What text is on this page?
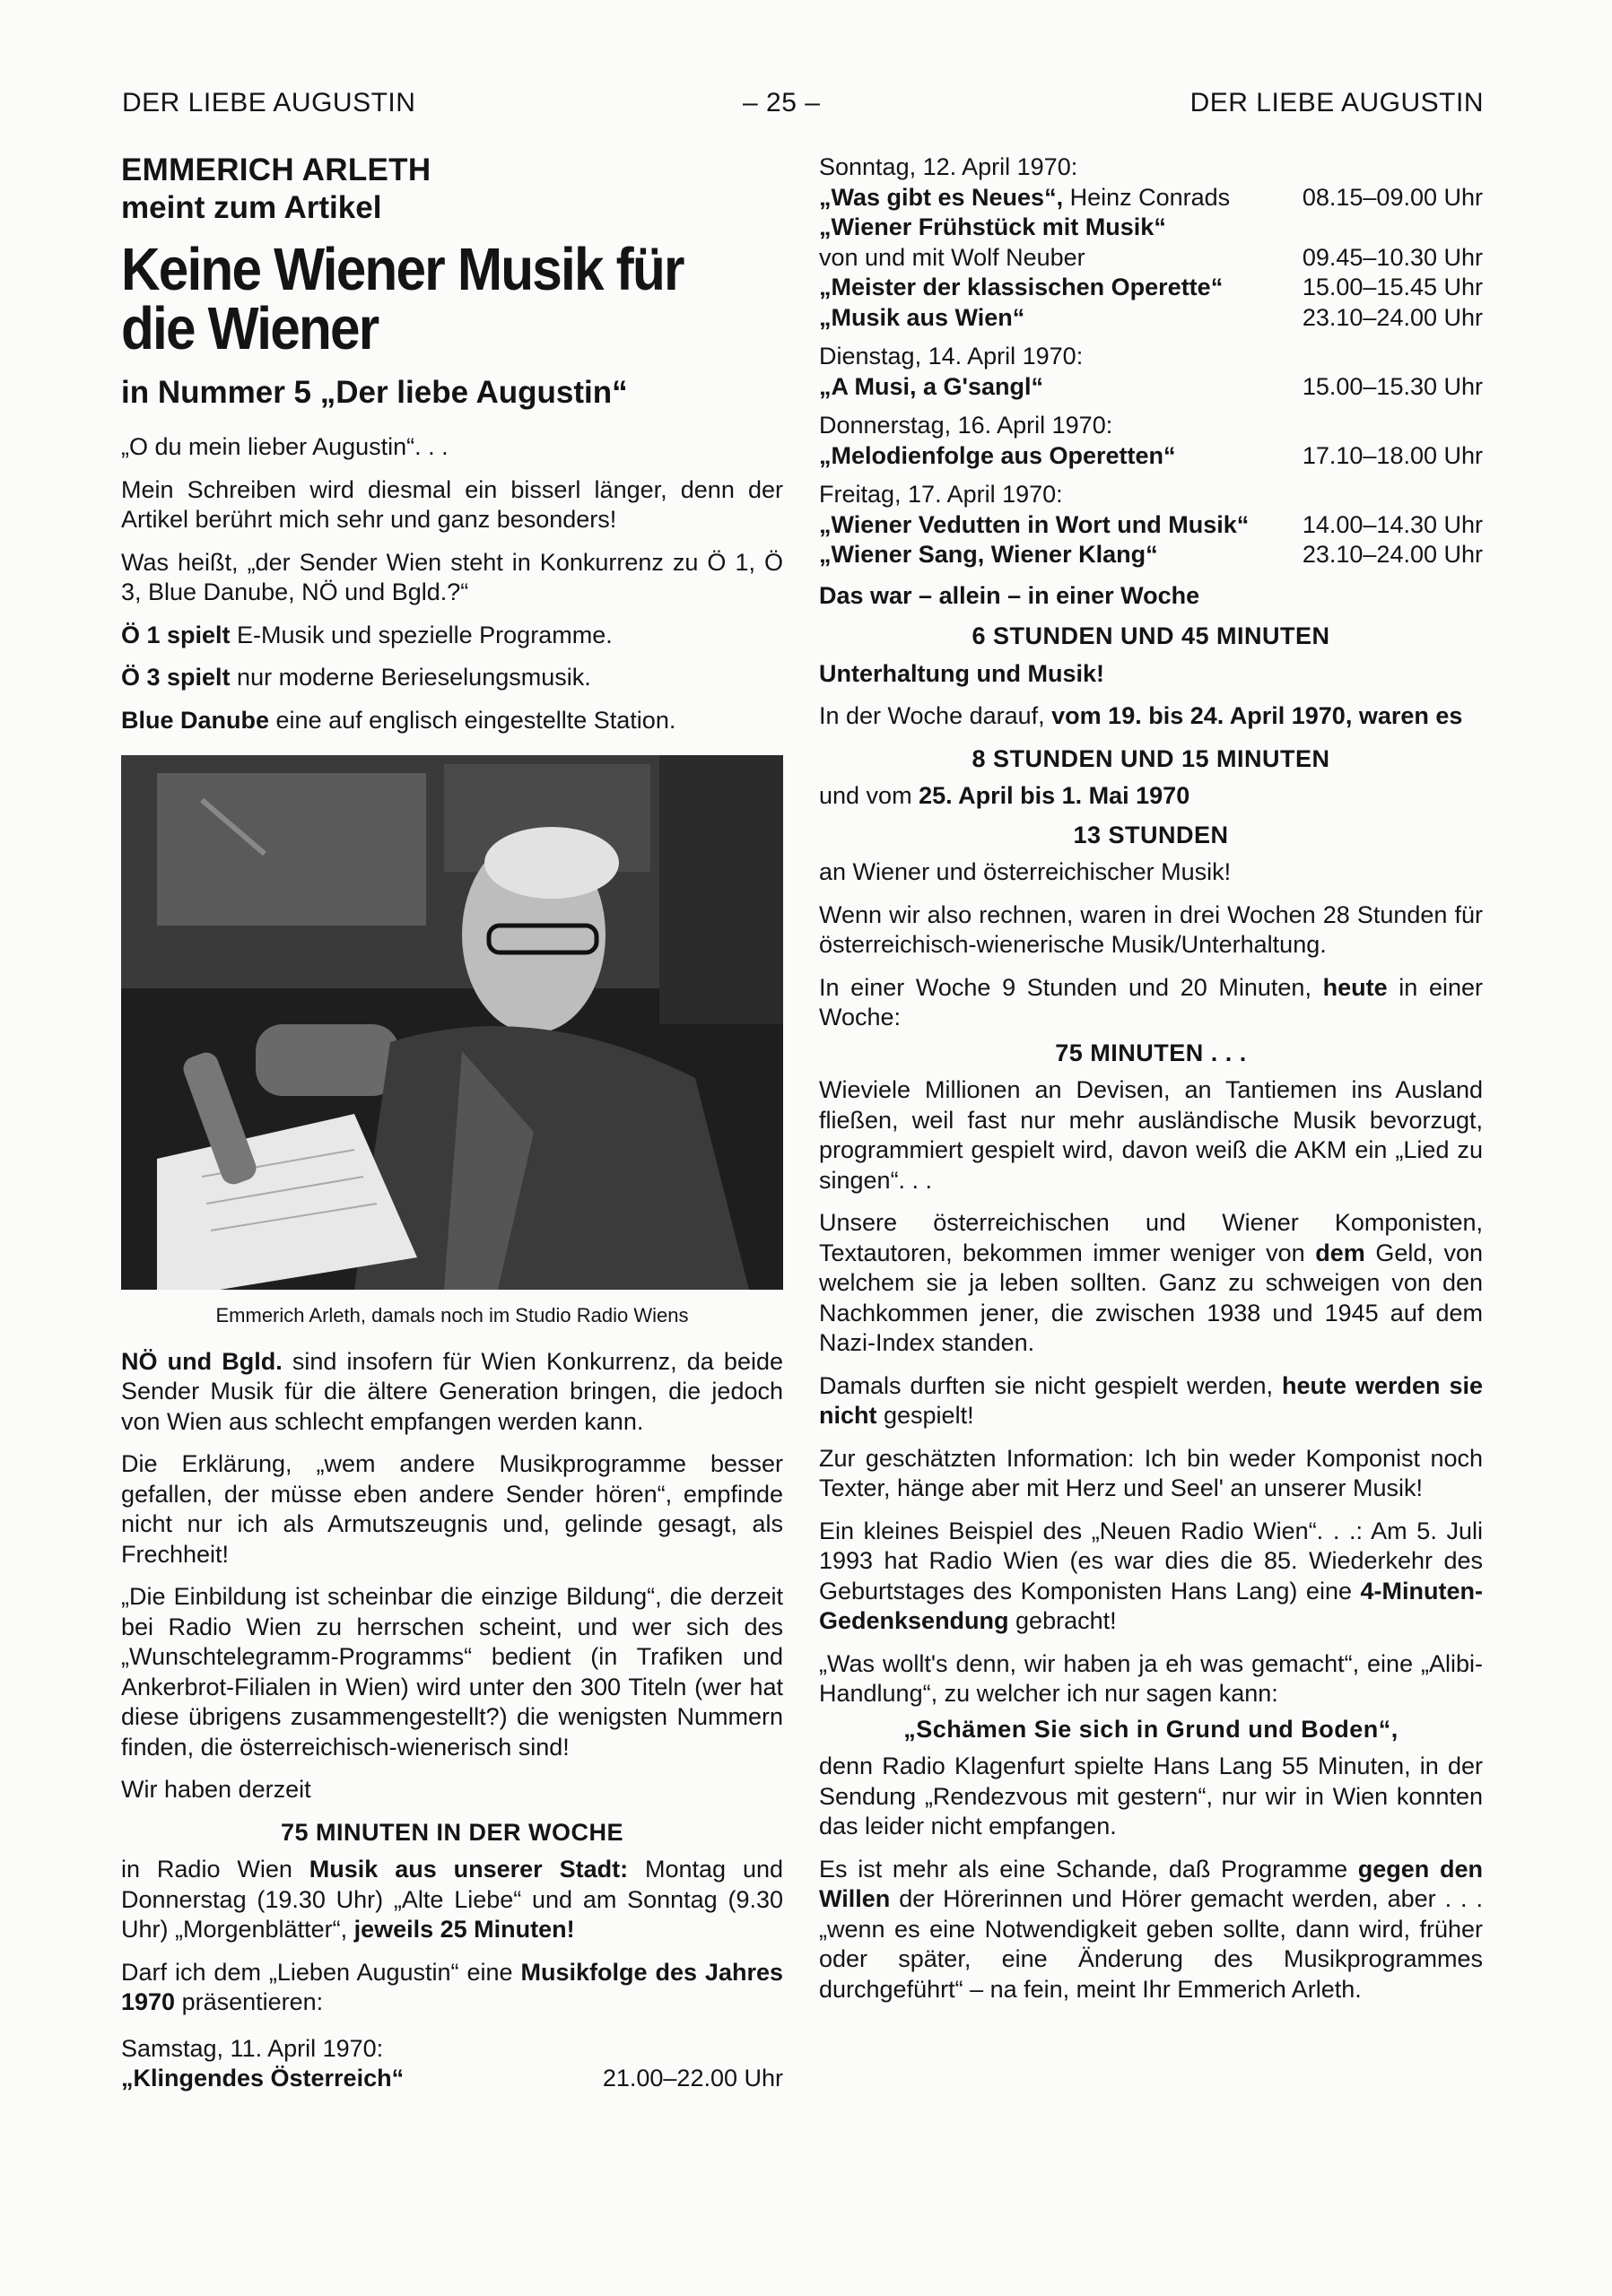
DER LIEBE AUGUSTIN	– 25 –	DER LIEBE AUGUSTIN
EMMERICH ARLETH
meint zum Artikel
Keine Wiener Musik für
die Wiener
in Nummer 5 „Der liebe Augustin“

„O du mein lieber Augustin“. . .

Mein Schreiben wird diesmal ein bisserl länger, denn der Artikel berührt mich sehr und ganz besonders!

Was heißt, „der Sender Wien steht in Konkurrenz zu Ö 1, Ö 3, Blue Danube, NÖ und Bgld.?“

Ö 1 spielt E-Musik und spezielle Programme.

Ö 3 spielt nur moderne Berieselungsmusik.

Blue Danube eine auf englisch eingestellte Station.

Emmerich Arleth, damals noch im Studio Radio Wiens

NÖ und Bgld. sind insofern für Wien Konkurrenz, da beide Sender Musik für die ältere Generation bringen, die jedoch von Wien aus schlecht empfangen werden kann.

Die Erklärung, „wem andere Musikprogramme besser gefallen, der müsse eben andere Sender hören“, empfinde nicht nur ich als Armutszeugnis und, gelinde gesagt, als Frechheit!

„Die Einbildung ist scheinbar die einzige Bildung“, die derzeit bei Radio Wien zu herrschen scheint, und wer sich des „Wunschtelegramm-Programms“ bedient (in Trafiken und Ankerbrot-Filialen in Wien) wird unter den 300 Titeln (wer hat diese übrigens zusammengestellt?) die wenigsten Nummern finden, die österreichisch-wienerisch sind!

Wir haben derzeit

75 MINUTEN IN DER WOCHE

in Radio Wien Musik aus unserer Stadt: Montag und Donnerstag (19.30 Uhr) „Alte Liebe“ und am Sonntag (9.30 Uhr) „Morgenblätter“, jeweils 25 Minuten!

Darf ich dem „Lieben Augustin“ eine Musikfolge des Jahres 1970 präsentieren:

Samstag, 11. April 1970:
„Klingendes Österreich“	21.00–22.00 Uhr
Sonntag, 12. April 1970:
„Was gibt es Neues“, Heinz Conrads	08.15–09.00 Uhr
„Wiener Frühstück mit Musik“
von und mit Wolf Neuber	09.45–10.30 Uhr
„Meister der klassischen Operette“	15.00–15.45 Uhr
„Musik aus Wien“	23.10–24.00 Uhr
Dienstag, 14. April 1970:
„A Musi, a G'sangl“	15.00–15.30 Uhr
Donnerstag, 16. April 1970:
„Melodienfolge aus Operetten“	17.10–18.00 Uhr
Freitag, 17. April 1970:
„Wiener Vedutten in Wort und Musik“ 14.00–14.30 Uhr
„Wiener Sang, Wiener Klang“	23.10–24.00 Uhr
Das war – allein – in einer Woche
6 STUNDEN UND 45 MINUTEN
Unterhaltung und Musik!

In der Woche darauf, vom 19. bis 24. April 1970, waren es

8 STUNDEN UND 15 MINUTEN
und vom 25. April bis 1. Mai 1970
13 STUNDEN

an Wiener und österreichischer Musik!

Wenn wir also rechnen, waren in drei Wochen 28 Stunden für österreichisch-wienerische Musik/Unterhaltung.

In einer Woche 9 Stunden und 20 Minuten, heute in einer Woche:

75 MINUTEN . . .

Wieviele Millionen an Devisen, an Tantiemen ins Ausland fließen, weil fast nur mehr ausländische Musik bevorzugt, programmiert gespielt wird, davon weiß die AKM ein „Lied zu singen“. . .

Unsere österreichischen und Wiener Komponisten, Textautoren, bekommen immer weniger von dem Geld, von welchem sie ja leben sollten. Ganz zu schweigen von den Nachkommen jener, die zwischen 1938 und 1945 auf dem Nazi-Index standen.

Damals durften sie nicht gespielt werden, heute werden sie nicht gespielt!

Zur geschätzten Information: Ich bin weder Komponist noch Texter, hänge aber mit Herz und Seel' an unserer Musik!

Ein kleines Beispiel des „Neuen Radio Wien“. . .: Am 5. Juli 1993 hat Radio Wien (es war dies die 85. Wiederkehr des Geburtstages des Komponisten Hans Lang) eine 4-Minuten-Gedenksendung gebracht!

„Was wollt's denn, wir haben ja eh was gemacht“, eine „Alibi-Handlung“, zu welcher ich nur sagen kann:

„Schämen Sie sich in Grund und Boden“,

denn Radio Klagenfurt spielte Hans Lang 55 Minuten, in der Sendung „Rendezvous mit gestern“, nur wir in Wien konnten das leider nicht empfangen.

Es ist mehr als eine Schande, daß Programme gegen den Willen der Hörerinnen und Hörer gemacht werden, aber . . . „wenn es eine Notwendigkeit geben sollte, dann wird, früher oder später, eine Änderung des Musikprogrammes durchgeführt“ – na fein, meint Ihr Emmerich Arleth.
